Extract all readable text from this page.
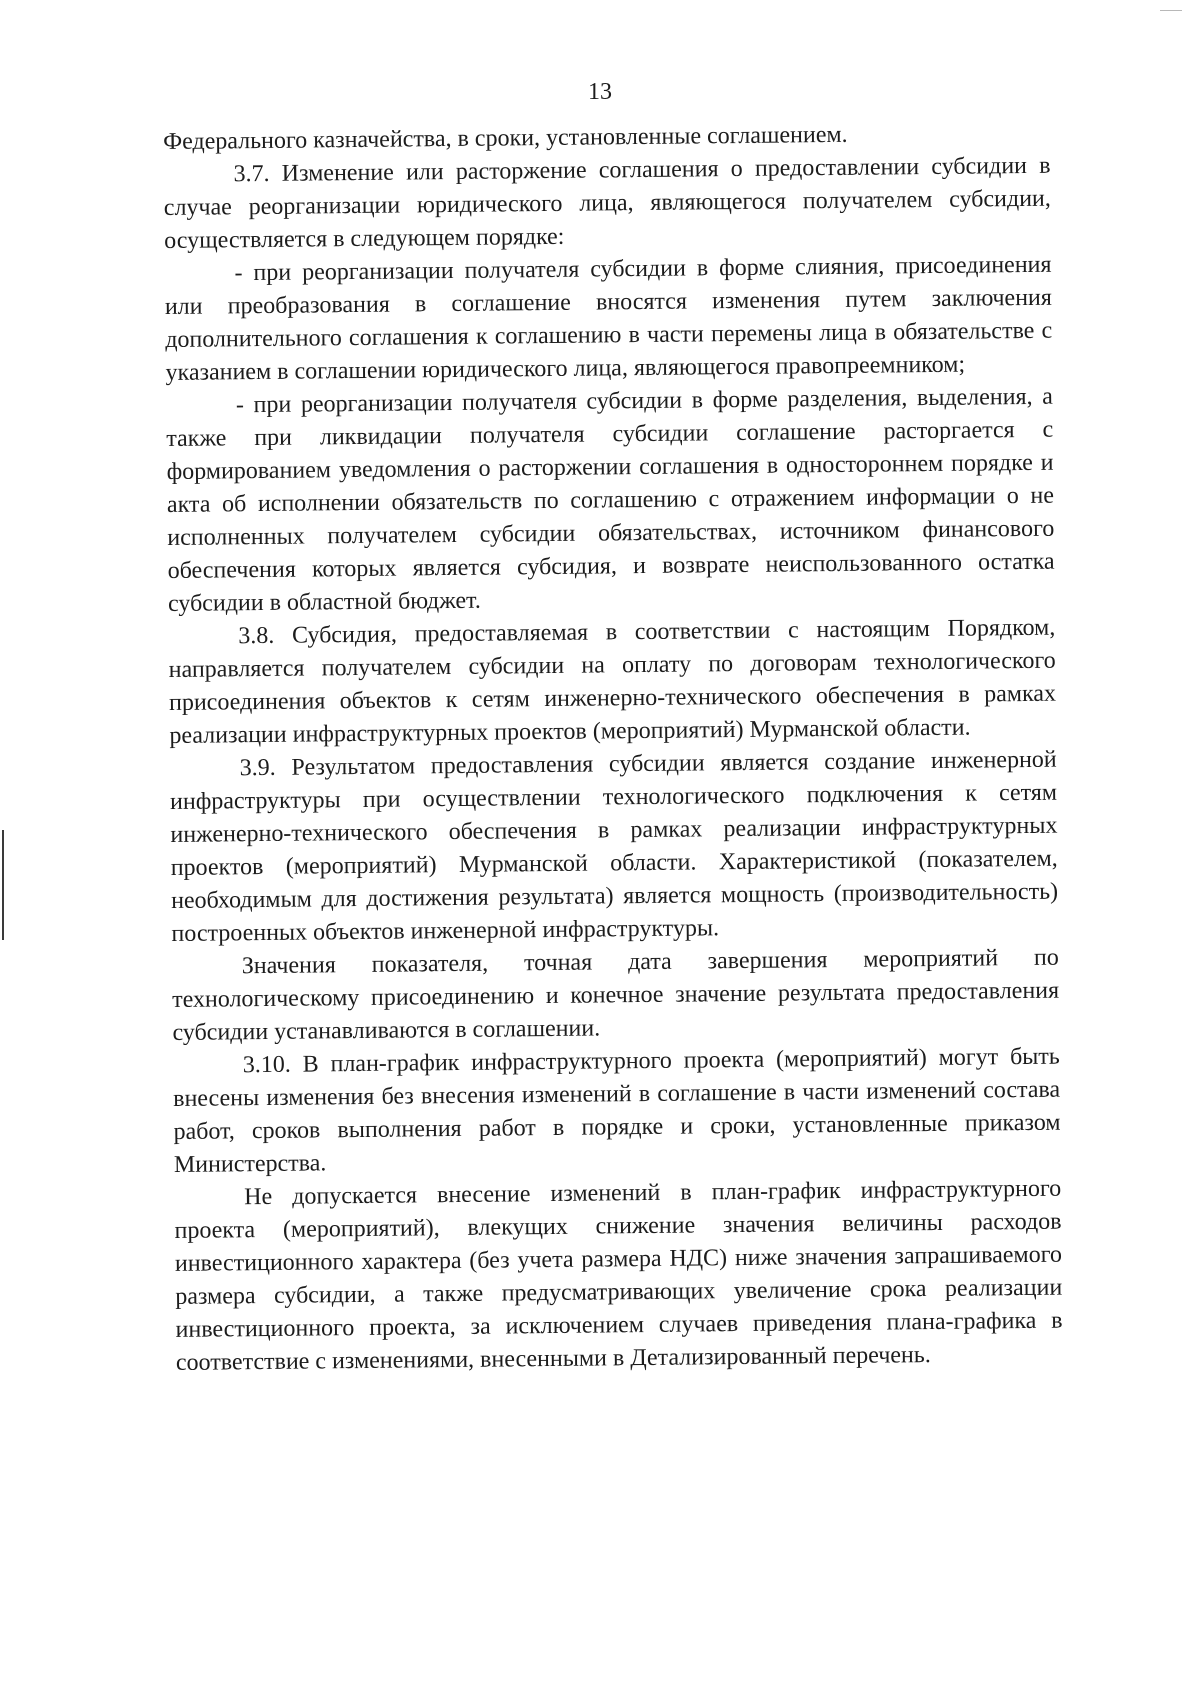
13

Федерального казначейства, в сроки, установленные соглашением.

3.7. Изменение или расторжение соглашения о предоставлении субсидии в случае реорганизации юридического лица, являющегося получателем субсидии, осуществляется в следующем порядке:

- при реорганизации получателя субсидии в форме слияния, присоединения или преобразования в соглашение вносятся изменения путем заключения дополнительного соглашения к соглашению в части перемены лица в обязательстве с указанием в соглашении юридического лица, являющегося правопреемником;

- при реорганизации получателя субсидии в форме разделения, выделения, а также при ликвидации получателя субсидии соглашение расторгается с формированием уведомления о расторжении соглашения в одностороннем порядке и акта об исполнении обязательств по соглашению с отражением информации о не исполненных получателем субсидии обязательствах, источником финансового обеспечения которых является субсидия, и возврате неиспользованного остатка субсидии в областной бюджет.

3.8. Субсидия, предоставляемая в соответствии с настоящим Порядком, направляется получателем субсидии на оплату по договорам технологического присоединения объектов к сетям инженерно-технического обеспечения в рамках реализации инфраструктурных проектов (мероприятий) Мурманской области.

3.9. Результатом предоставления субсидии является создание инженерной инфраструктуры при осуществлении технологического подключения к сетям инженерно-технического обеспечения в рамках реализации инфраструктурных проектов (мероприятий) Мурманской области. Характеристикой (показателем, необходимым для достижения результата) является мощность (производительность) построенных объектов инженерной инфраструктуры.

Значения показателя, точная дата завершения мероприятий по технологическому присоединению и конечное значение результата предоставления субсидии устанавливаются в соглашении.

3.10. В план-график инфраструктурного проекта (мероприятий) могут быть внесены изменения без внесения изменений в соглашение в части изменений состава работ, сроков выполнения работ в порядке и сроки, установленные приказом Министерства.

Не допускается внесение изменений в план-график инфраструктурного проекта (мероприятий), влекущих снижение значения величины расходов инвестиционного характера (без учета размера НДС) ниже значения запрашиваемого размера субсидии, а также предусматривающих увеличение срока реализации инвестиционного проекта, за исключением случаев приведения плана-графика в соответствие с изменениями, внесенными в Детализированный перечень.
